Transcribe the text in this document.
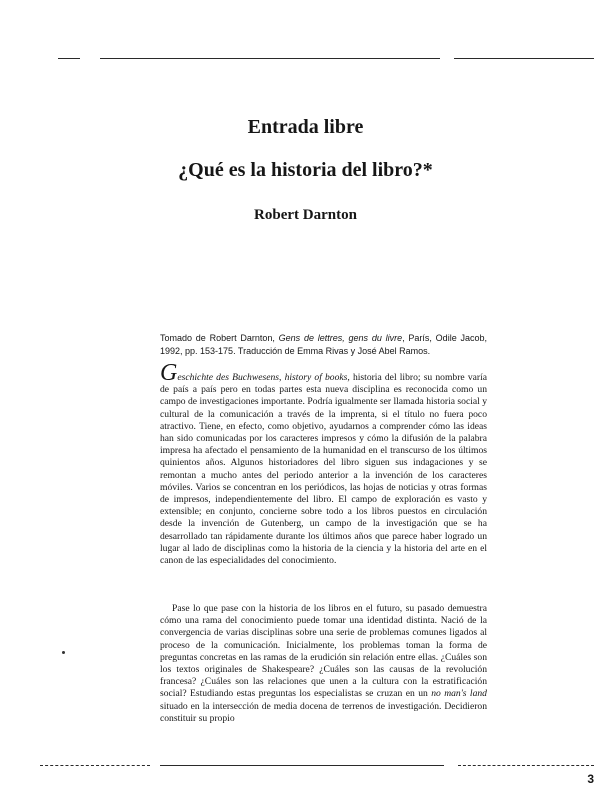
Entrada libre
¿Qué es la historia del libro?*
Robert Darnton
Tomado de Robert Darnton, Gens de lettres, gens du livre, París, Odile Jacob, 1992, pp. 153-175. Traducción de Emma Rivas y José Abel Ramos.

Geschichte des Buchwesens, history of books, historia del libro; su nombre varía de país a país pero en todas partes esta nueva disciplina es reconocida como un campo de investigaciones importante. Podría igualmente ser llamada historia social y cultural de la comunicación a través de la imprenta, si el título no fuera poco atractivo. Tiene, en efecto, como objetivo, ayudarnos a comprender cómo las ideas han sido comunicadas por los caracteres impresos y cómo la difusión de la palabra impresa ha afectado el pensamiento de la humanidad en el transcurso de los últimos quinientos años. Algunos historiadores del libro siguen sus indagaciones y se remontan a mucho antes del periodo anterior a la invención de los caracteres móviles. Varios se concentran en los periódicos, las hojas de noticias y otras formas de impresos, independientemente del libro. El campo de exploración es vasto y extensible; en conjunto, concierne sobre todo a los libros puestos en circulación desde la invención de Gutenberg, un campo de la investigación que se ha desarrollado tan rápidamente durante los últimos años que parece haber logrado un lugar al lado de disciplinas como la historia de la ciencia y la historia del arte en el canon de las especialidades del conocimiento.

Pase lo que pase con la historia de los libros en el futuro, su pasado demuestra cómo una rama del conocimiento puede tomar una identidad distinta. Nació de la convergencia de varias disciplinas sobre una serie de problemas comunes ligados al proceso de la comunicación. Inicialmente, los problemas toman la forma de preguntas concretas en las ramas de la erudición sin relación entre ellas. ¿Cuáles son los textos originales de Shakespeare? ¿Cuáles son las causas de la revolución francesa? ¿Cuáles son las relaciones que unen a la cultura con la estratificación social? Estudiando estas preguntas los especialistas se cruzan en un no man's land situado en la intersección de media docena de terrenos de investigación. Decidieron constituir su propio

3
